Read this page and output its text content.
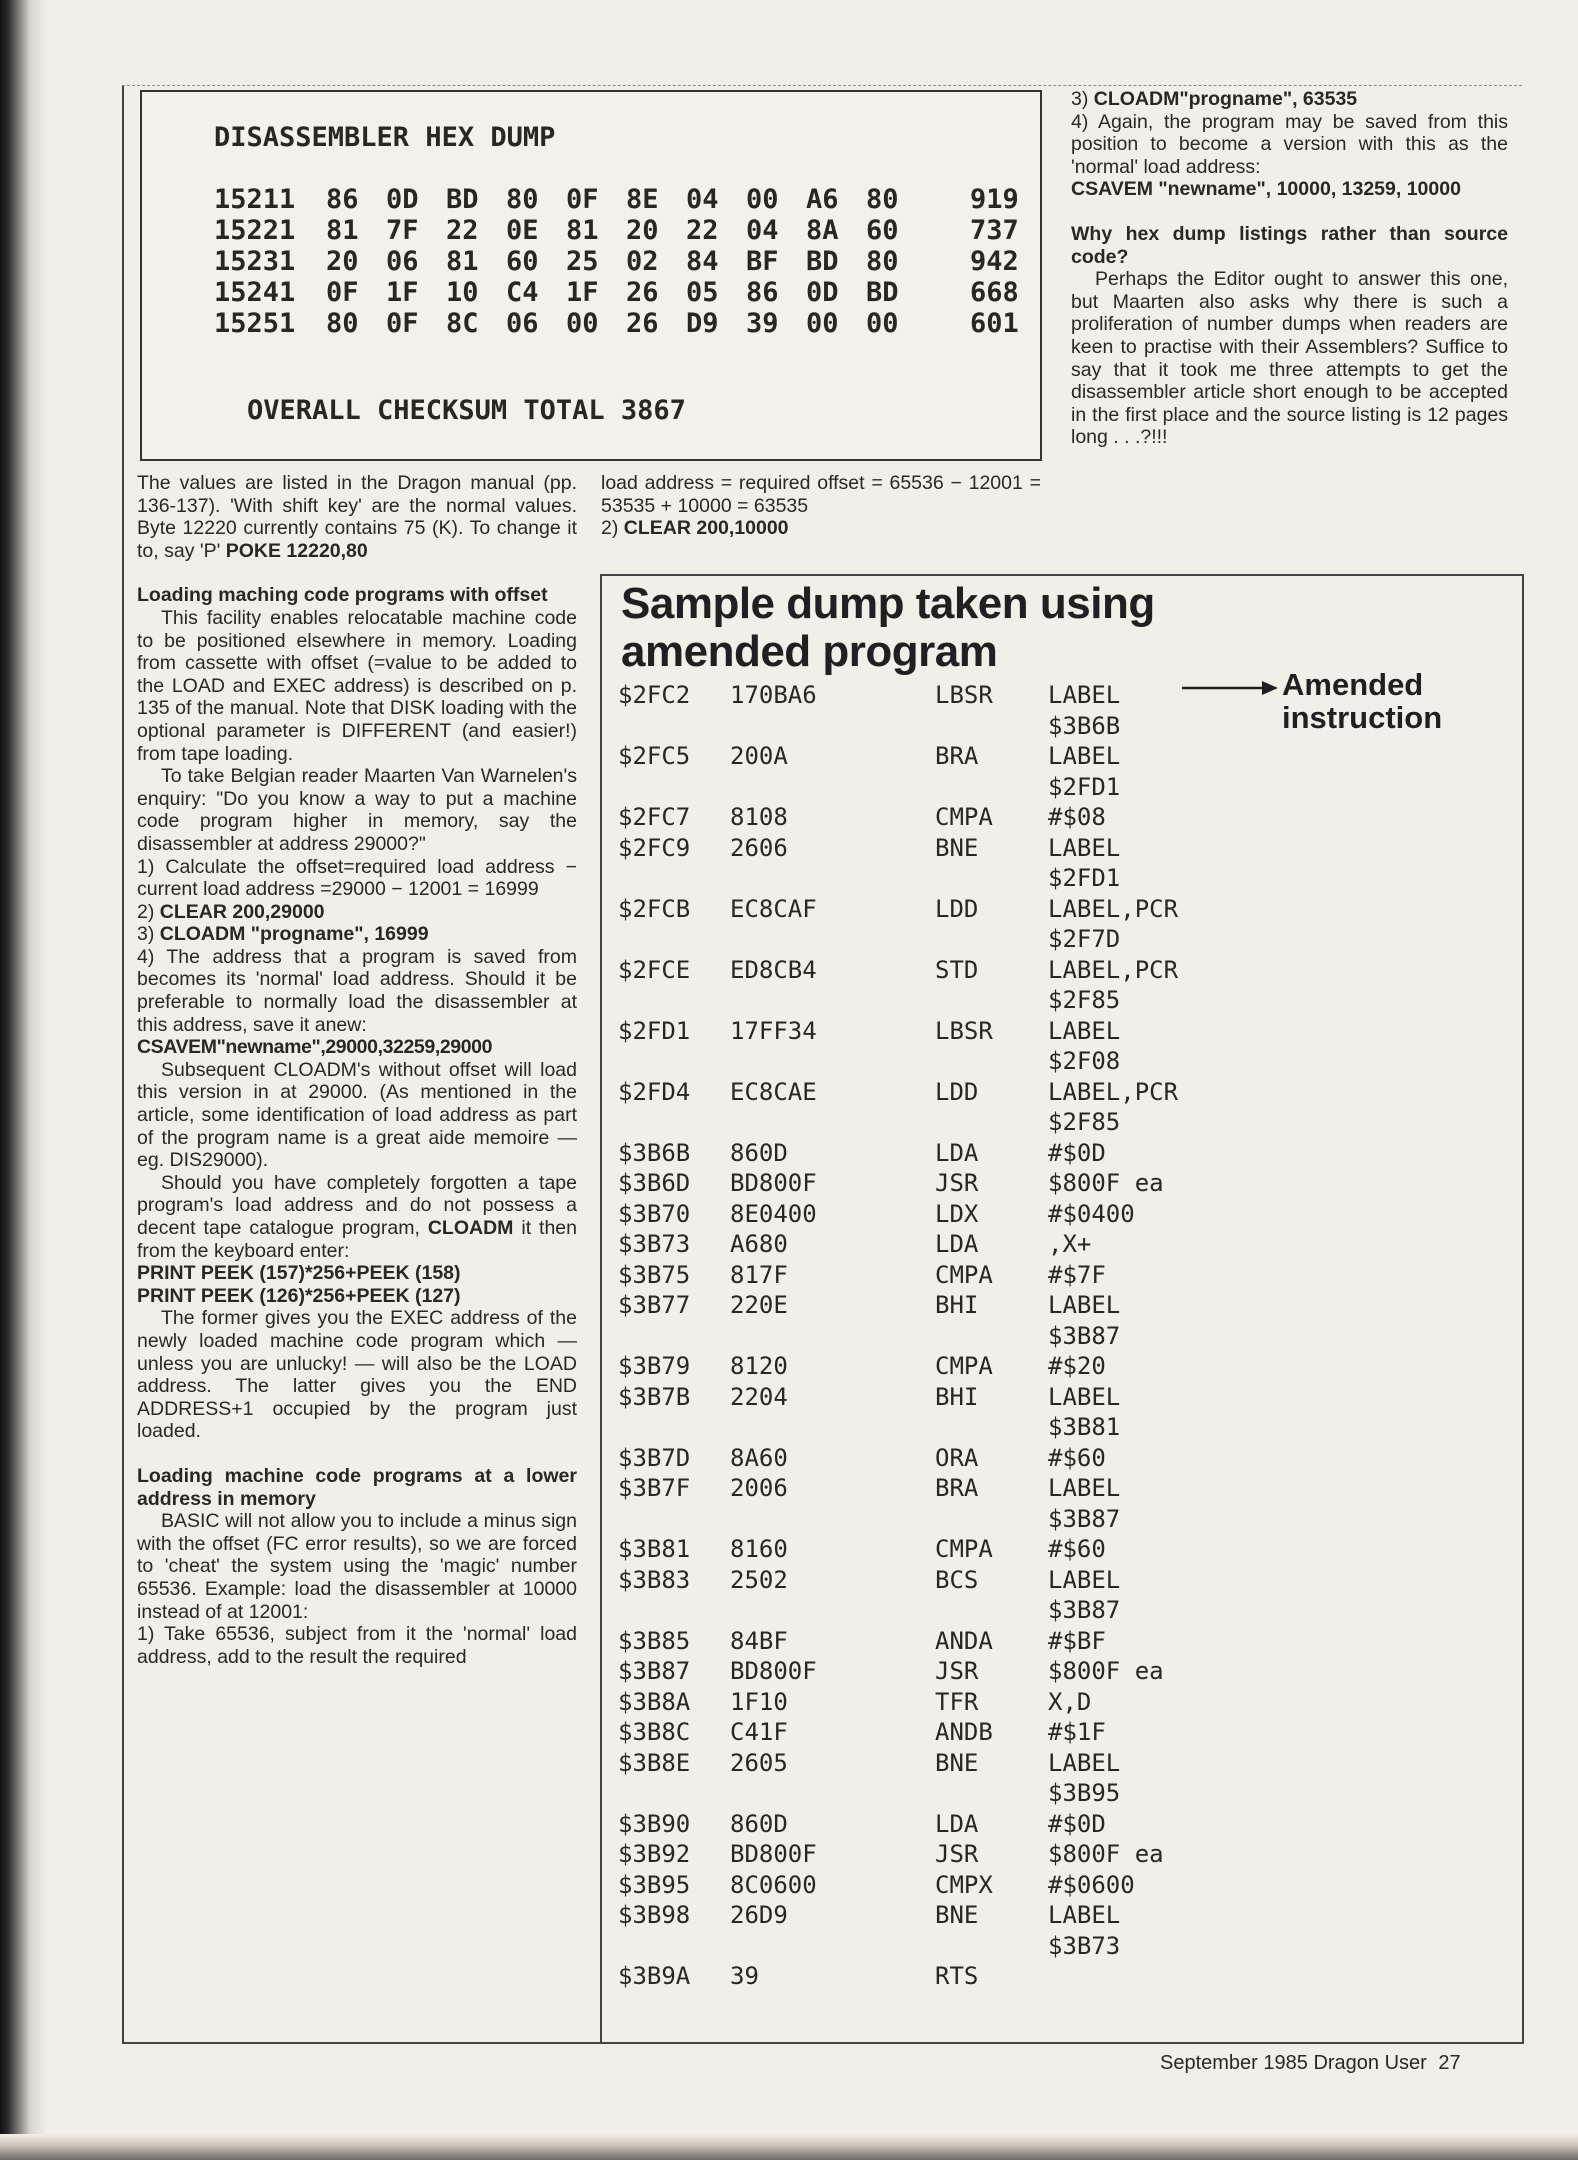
DISASSEMBLER HEX DUMP
15211 86 0D BD 80 0F 8E 04 00 A6 80	919
15221 81 7F 22 0E 81 20 22 04 8A 60	737
15231 20 06 81 60 25 02 84 BF BD 80	942
15241 0F 1F 10 C4 1F 26 05 86 0D BD	668
15251 80 0F 8C 06 00 26 D9 39 00 00	601
OVERALL CHECKSUM TOTAL 3867

The values are listed in the Dragon manual (pp. 136-137). 'With shift key' are the normal values. Byte 12220 currently contains 75 (K). To change it to, say 'P' POKE 12220,80

Loading maching code programs with offset

This facility enables relocatable machine code to be positioned elsewhere in memory. Loading from cassette with offset (=value to be added to the LOAD and EXEC address) is described on p. 135 of the manual. Note that DISK loading with the optional parameter is DIFFERENT (and easier!) from tape loading.

To take Belgian reader Maarten Van Warnelen's enquiry: "Do you know a way to put a machine code program higher in memory, say the disassembler at address 29000?"

1) Calculate the offset=required load address − current load address =29000 − 12001 = 16999

2) CLEAR 200,29000

3) CLOADM "progname", 16999

4) The address that a program is saved from becomes its 'normal' load address. Should it be preferable to normally load the disassembler at this address, save it anew:

CSAVEM"newname",29000,32259,29000

Subsequent CLOADM's without offset will load this version in at 29000. (As mentioned in the article, some identification of load address as part of the program name is a great aide memoire — eg. DIS29000).

Should you have completely forgotten a tape program's load address and do not possess a decent tape catalogue program, CLOADM it then from the keyboard enter:

PRINT PEEK (157)*256+PEEK (158)

PRINT PEEK (126)*256+PEEK (127)

The former gives you the EXEC address of the newly loaded machine code program which — unless you are unlucky! — will also be the LOAD address. The latter gives you the END ADDRESS+1 occupied by the program just loaded.

Loading machine code programs at a lower address in memory

BASIC will not allow you to include a minus sign with the offset (FC error results), so we are forced to 'cheat' the system using the 'magic' number 65536. Example: load the disassembler at 10000 instead of at 12001:

1) Take 65536, subject from it the 'normal' load address, add to the result the required

load address = required offset = 65536 − 12001 = 53535 + 10000 = 63535

2) CLEAR 200,10000

3) CLOADM"progname", 63535

4) Again, the program may be saved from this position to become a version with this as the 'normal' load address:

CSAVEM "newname", 10000, 13259, 10000

Why hex dump listings rather than source code?

Perhaps the Editor ought to answer this one, but Maarten also asks why there is such a proliferation of number dumps when readers are keen to practise with their Assemblers? Suffice to say that it took me three attempts to get the disassembler article short enough to be accepted in the first place and the source listing is 12 pages long . . .?!!!

Sample dump taken using
amended program
Amended
instruction
$2FC2 170BA6	LBSR LABEL
$3B6B
$2FC5 200A	BRA	LABEL
$2FD1
$2FC7 8108	CMPA #$08
$2FC9 2606	BNE	LABEL
$2FD1
$2FCB EC8CAF	LDD	LABEL,PCR
$2F7D
$2FCE ED8CB4	STD	LABEL,PCR
$2F85
$2FD1 17FF34	LBSR LABEL
$2F08
$2FD4 EC8CAE	LDD	LABEL,PCR
$2F85
$3B6B 860D	LDA	#$0D
$3B6D BD800F	JSR	$800F ea
$3B70 8E0400	LDX	#$0400
$3B73 A680	LDA	,X+
$3B75 817F	CMPA #$7F
$3B77 220E	BHI	LABEL
$3B87
$3B79 8120	CMPA #$20
$3B7B 2204	BHI	LABEL
$3B81
$3B7D 8A60	ORA	#$60
$3B7F 2006	BRA	LABEL
$3B87
$3B81 8160	CMPA #$60
$3B83 2502	BCS	LABEL
$3B87
$3B85 84BF	ANDA #$BF
$3B87 BD800F	JSR	$800F ea
$3B8A 1F10	TFR	X,D
$3B8C C41F	ANDB #$1F
$3B8E 2605	BNE	LABEL
$3B95
$3B90 860D	LDA	#$0D
$3B92 BD800F	JSR	$800F ea
$3B95 8C0600	CMPX #$0600
$3B98 26D9	BNE	LABEL
$3B73
$3B9A 39	RTS
September 1985 Dragon User 27
